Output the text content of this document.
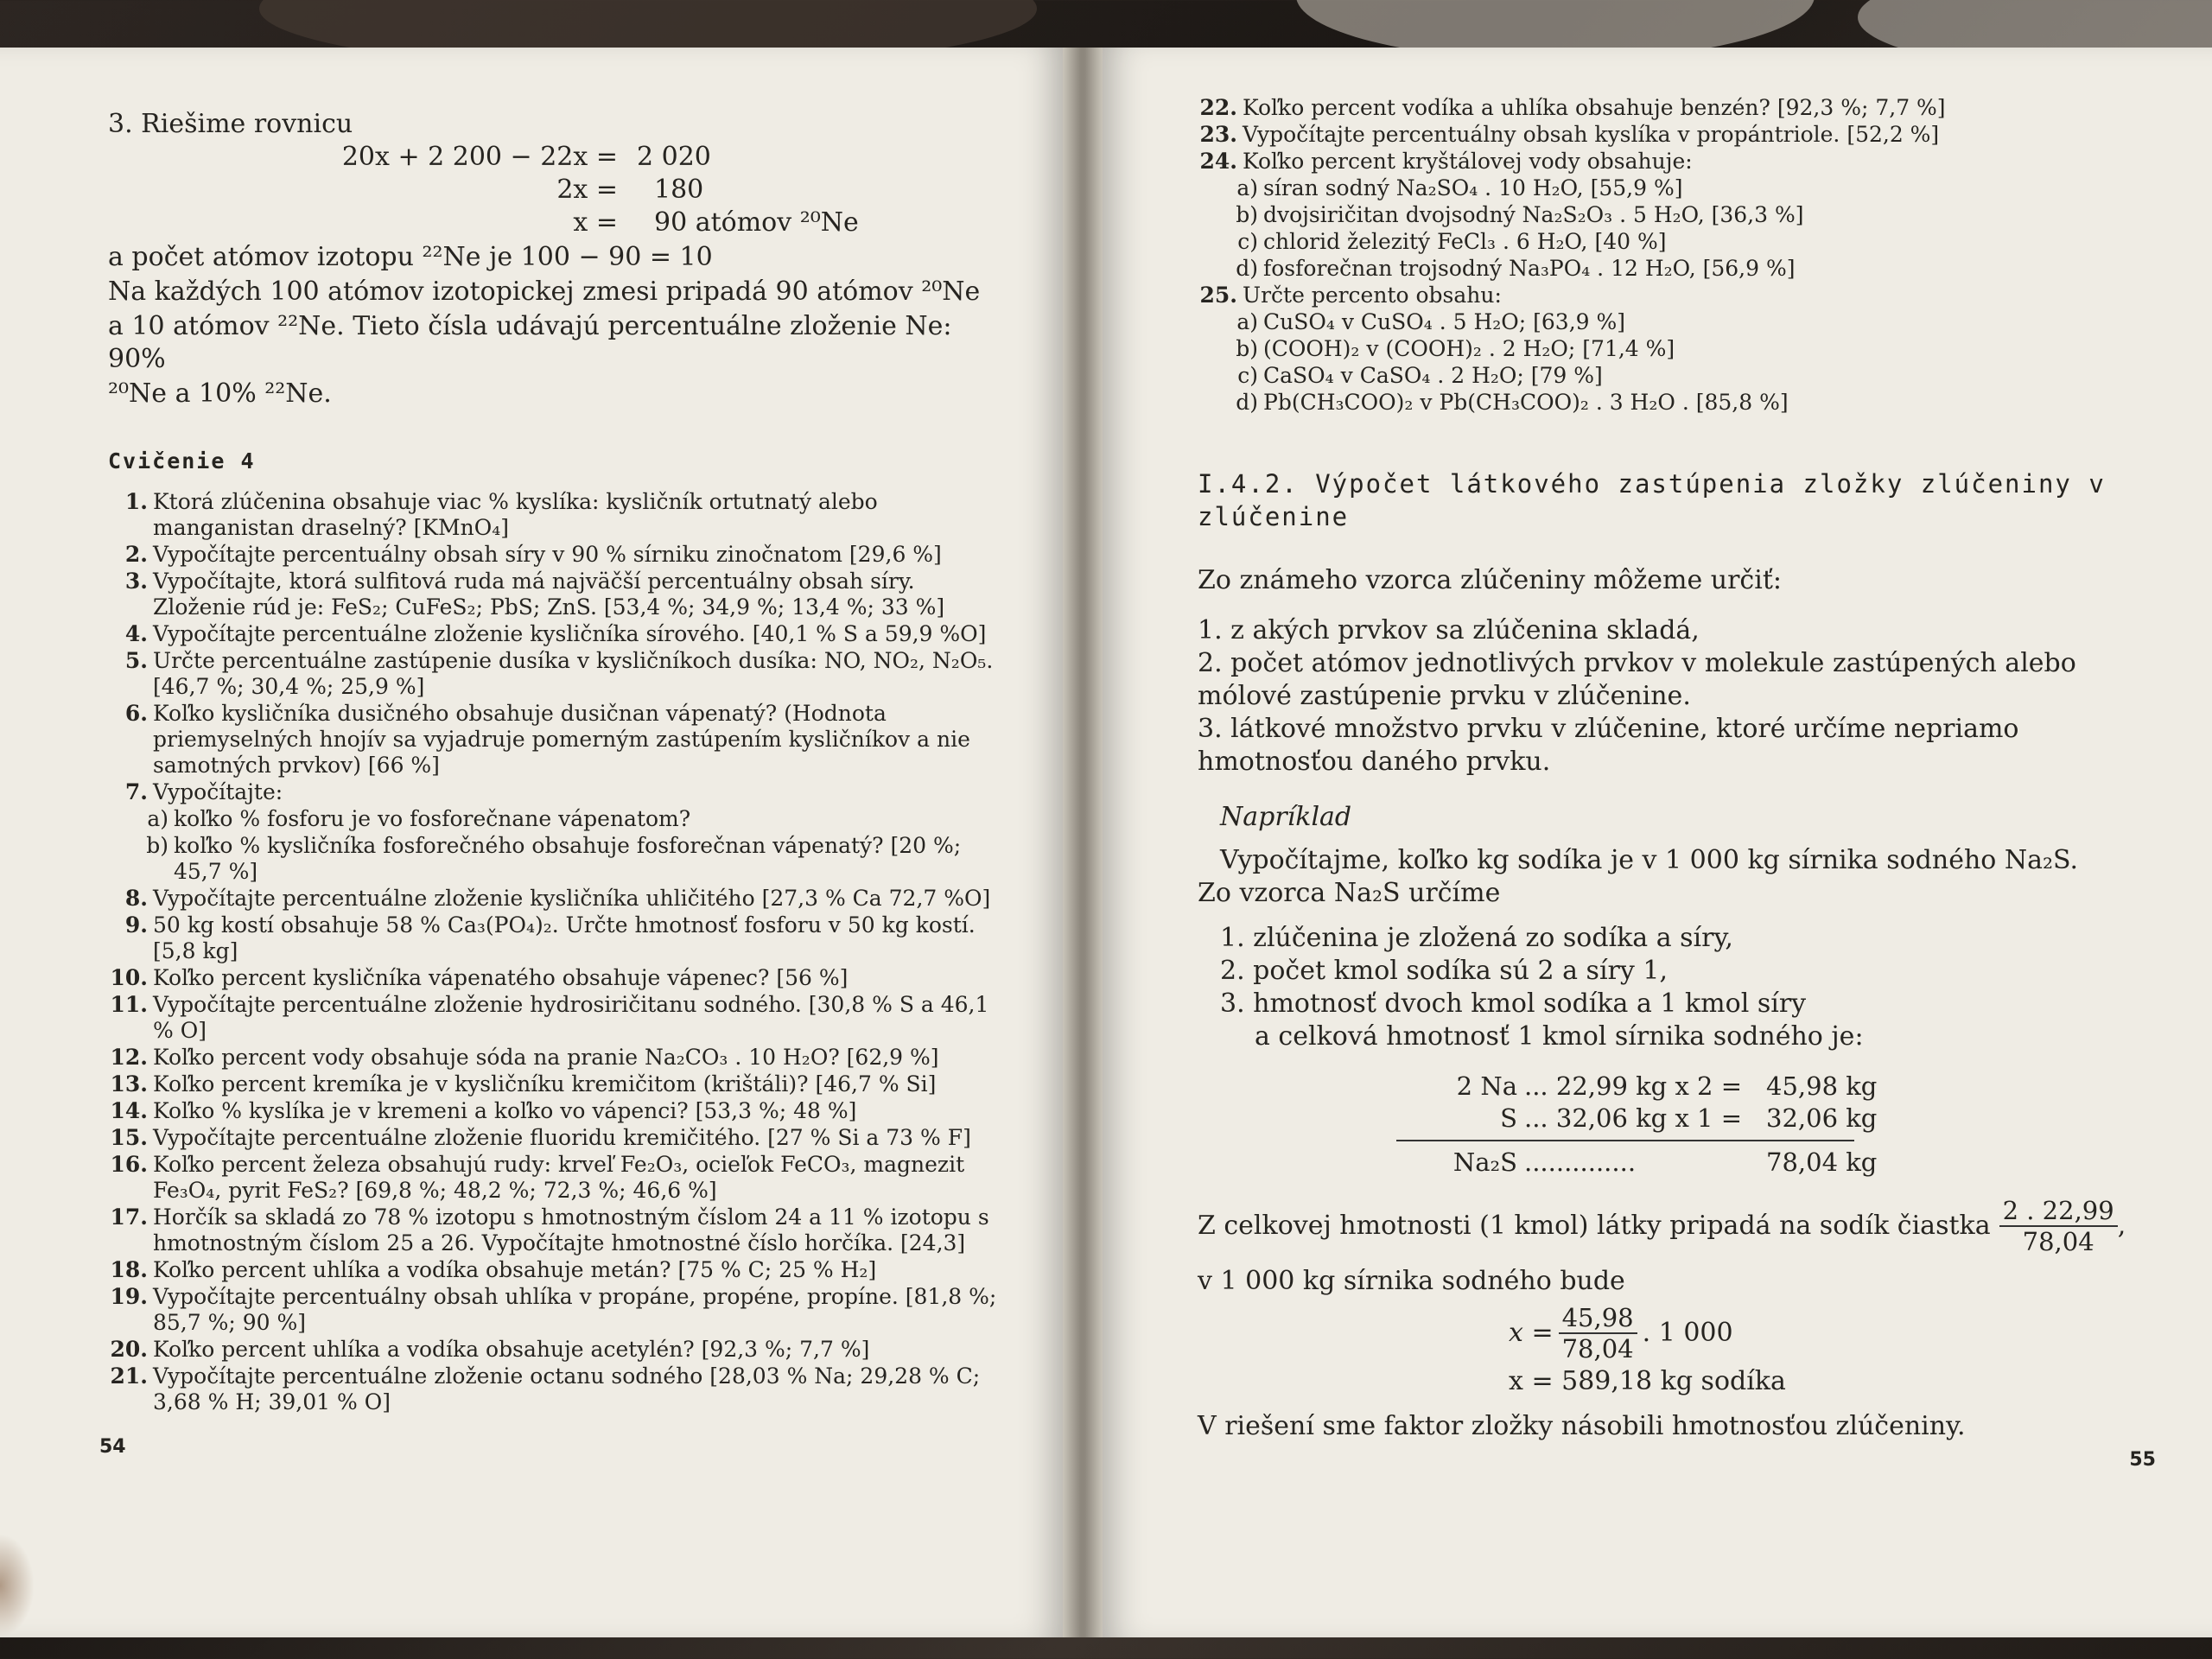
3. Riešime rovnicu
20x + 2 200 − 22x = 2 020
2x =	180
x =	90 atómov ²⁰Ne
a počet atómov izotopu ²²Ne je 100 − 90 = 10
Na každých 100 atómov izotopickej zmesi pripadá 90 atómov ²⁰Ne
a 10 atómov ²²Ne. Tieto čísla udávajú percentuálne zloženie Ne: 90%
²⁰Ne a 10% ²²Ne.
Cvičenie 4
1. Ktorá zlúčenina obsahuje viac % kyslíka: kysličník ortutnatý alebo manganistan draselný? [KMnO₄]
2. Vypočítajte percentuálny obsah síry v 90 % sírniku zinočnatom [29,6 %]
3. Vypočítajte, ktorá sulfitová ruda má najväčší percentuálny obsah síry. Zloženie rúd je: FeS₂; CuFeS₂; PbS; ZnS. [53,4 %; 34,9 %; 13,4 %; 33 %]
4. Vypočítajte percentuálne zloženie kysličníka sírového. [40,1 % S a 59,9 %O]
5. Určte percentuálne zastúpenie dusíka v kysličníkoch dusíka: NO, NO₂, N₂O₅. [46,7 %; 30,4 %; 25,9 %]
6. Koľko kysličníka dusičného obsahuje dusičnan vápenatý? (Hodnota priemyselných hnojív sa vyjadruje pomerným zastúpením kysličníkov a nie samotných prvkov) [66 %]
7. Vypočítajte:
a) koľko % fosforu je vo fosforečnane vápenatom?
b) koľko % kysličníka fosforečného obsahuje fosforečnan vápenatý? [20 %; 45,7 %]
8. Vypočítajte percentuálne zloženie kysličníka uhličitého [27,3 % Ca 72,7 %O]
9. 50 kg kostí obsahuje 58 % Ca₃(PO₄)₂. Určte hmotnosť fosforu v 50 kg kostí. [5,8 kg]
10. Koľko percent kysličníka vápenatého obsahuje vápenec? [56 %]
11. Vypočítajte percentuálne zloženie hydrosiričitanu sodného. [30,8 % S a 46,1 % O]
12. Koľko percent vody obsahuje sóda na pranie Na₂CO₃ . 10 H₂O? [62,9 %]
13. Koľko percent kremíka je v kysličníku kremičitom (krištáli)? [46,7 % Si]
14. Koľko % kyslíka je v kremeni a koľko vo vápenci? [53,3 %; 48 %]
15. Vypočítajte percentuálne zloženie fluoridu kremičitého. [27 % Si a 73 % F]
16. Koľko percent železa obsahujú rudy: krveľ Fe₂O₃, ocieľok FeCO₃, magnezit Fe₃O₄, pyrit FeS₂? [69,8 %; 48,2 %; 72,3 %; 46,6 %]
17. Horčík sa skladá zo 78 % izotopu s hmotnostným číslom 24 a 11 % izotopu s hmotnostným číslom 25 a 26. Vypočítajte hmotnostné číslo horčíka. [24,3]
18. Koľko percent uhlíka a vodíka obsahuje metán? [75 % C; 25 % H₂]
19. Vypočítajte percentuálny obsah uhlíka v propáne, propéne, propíne. [81,8 %; 85,7 %; 90 %]
20. Koľko percent uhlíka a vodíka obsahuje acetylén? [92,3 %; 7,7 %]
21. Vypočítajte percentuálne zloženie octanu sodného [28,03 % Na; 29,28 % C; 3,68 % H; 39,01 % O]
54
22. Koľko percent vodíka a uhlíka obsahuje benzén? [92,3 %; 7,7 %]
23. Vypočítajte percentuálny obsah kyslíka v propántriole. [52,2 %]
24. Koľko percent kryštálovej vody obsahuje:
a) síran sodný Na₂SO₄ . 10 H₂O, [55,9 %]
b) dvojsiričitan dvojsodný Na₂S₂O₃ . 5 H₂O, [36,3 %]
c) chlorid železitý FeCl₃ . 6 H₂O, [40 %]
d) fosforečnan trojsodný Na₃PO₄ . 12 H₂O, [56,9 %]
25. Určte percento obsahu:
a) CuSO₄ v CuSO₄ . 5 H₂O; [63,9 %]
b) (COOH)₂ v (COOH)₂ . 2 H₂O; [71,4 %]
c) CaSO₄ v CaSO₄ . 2 H₂O; [79 %]
d) Pb(CH₃COO)₂ v Pb(CH₃COO)₂ . 3 H₂O . [85,8 %]
I.4.2. Výpočet látkového zastúpenia zložky zlúčeniny v zlúčenine
Zo známeho vzorca zlúčeniny môžeme určiť:
1. z akých prvkov sa zlúčenina skladá,
2. počet atómov jednotlivých prvkov v molekule zastúpených alebo mólové zastúpenie prvku v zlúčenine.
3. látkové množstvo prvku v zlúčenine, ktoré určíme nepriamo hmotnosťou daného prvku.
Napríklad
Vypočítajme, koľko kg sodíka je v 1 000 kg sírnika sodného Na₂S.
Zo vzorca Na₂S určíme
1. zlúčenina je zložená zo sodíka a síry,
2. počet kmol sodíka sú 2 a síry 1,
3. hmotnosť dvoch kmol sodíka a 1 kmol síry
a celková hmotnosť 1 kmol sírnika sodného je:
2 Na ... 22,99 kg x 2 = 45,98 kg
S ... 32,06 kg x 1 = 32,06 kg
Na₂S ..............	78,04 kg
Z celkovej hmotnosti (1 kmol) látky pripadá na sodík čiastka $\frac{2 . 22,99}{78,04}$ ,
v 1 000 kg sírnika sodného bude
$x = \frac{45,98}{78,04}$ . 1 000
x = 589,18 kg sodíka
V riešení sme faktor zložky násobili hmotnosťou zlúčeniny.
55
